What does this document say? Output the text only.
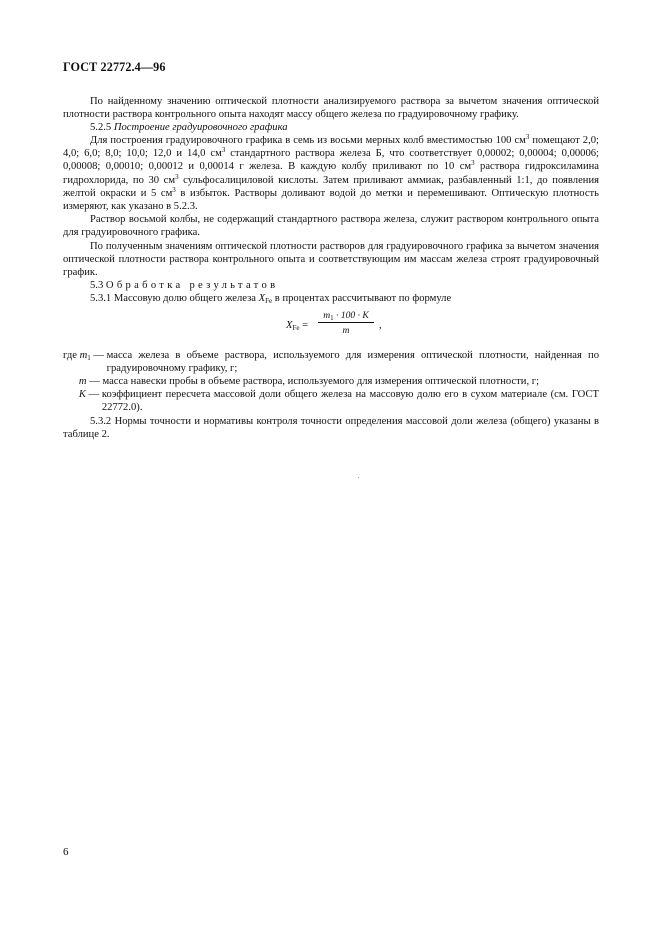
ГОСТ 22772.4—96

По найденному значению оптической плотности анализируемого раствора за вычетом значения оптической плотности раствора контрольного опыта находят массу общего железа по градуировочному графику.

5.2.5 Построение градуировочного графика

Для построения градуировочного графика в семь из восьми мерных колб вместимостью 100 $см^3$ помещают 2,0; 4,0; 6,0; 8,0; 10,0; 12,0 и 14,0 $см^3$ стандартного раствора железа Б, что соответствует 0,00002; 0,00004; 0,00006; 0,00008; 0,00010; 0,00012 и 0,00014 г железа. В каждую колбу приливают по 10 $см^3$ раствора гидроксиламина гидрохлорида, по 30 $см^3$ сульфосалициловой кислоты. Затем приливают аммиак, разбавленный 1:1, до появления желтой окраски и 5 $см^3$ в избыток. Растворы доливают водой до метки и перемешивают. Оптическую плотность измеряют, как указано в 5.2.3.

Раствор восьмой колбы, не содержащий стандартного раствора железа, служит раствором контрольного опыта для градуировочного графика.

По полученным значениям оптической плотности растворов для градуировочного графика за вычетом значения оптической плотности раствора контрольного опыта и соответствующим им массам железа строят градуировочный график.

5.3 Обработка результатов

5.3.1 Массовую долю общего железа $X_{Fe}$ в процентах рассчитывают по формуле

$X_{Fe}$ =
$m_1 \cdot 100 \cdot K$
m	,
где $m_1$ — масса железа в объеме раствора, используемого для измерения оптической плотности, найденная по градуировочному графику, г;
m — масса навески пробы в объеме раствора, используемого для измерения оптической плотности, г;
K — коэффициент пересчета массовой доли общего железа на массовую долю его в сухом материале (см. ГОСТ 22772.0).

5.3.2 Нормы точности и нормативы контроля точности определения массовой доли железа (общего) указаны в таблице 2.

6
